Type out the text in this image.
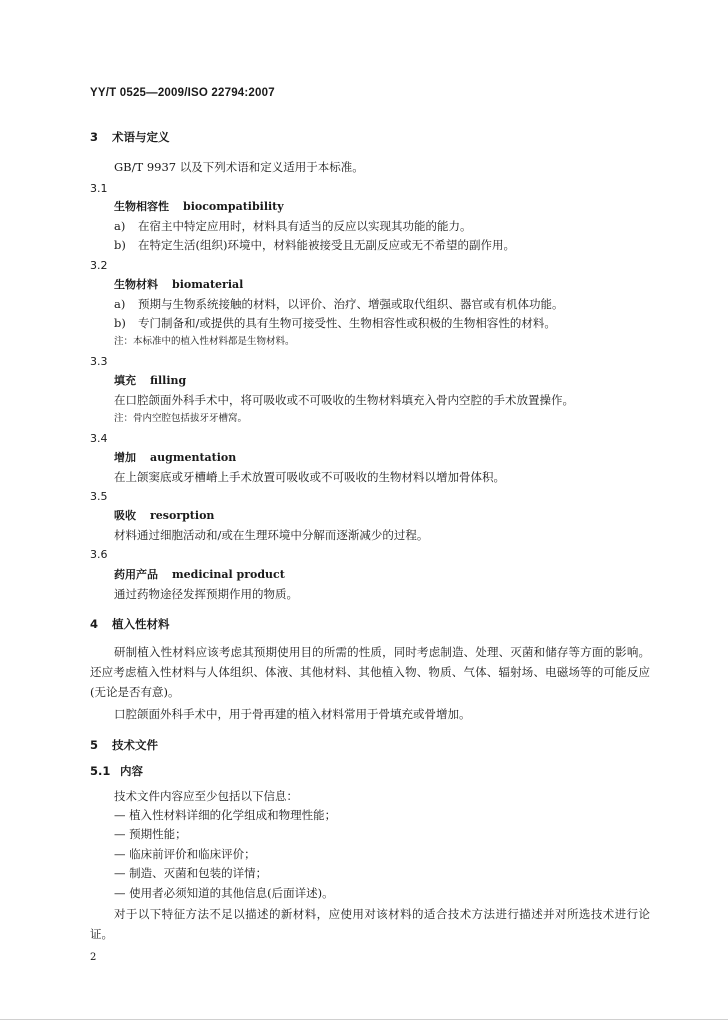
YY/T 0525—2009/ISO 22794:2007
3 术语与定义
GB/T 9937 以及下列术语和定义适用于本标准。
3.1
生物相容性 biocompatibility
a) 在宿主中特定应用时，材料具有适当的反应以实现其功能的能力。
b) 在特定生活(组织)环境中，材料能被接受且无副反应或无不希望的副作用。
3.2
生物材料 biomaterial
a) 预期与生物系统接触的材料，以评价、治疗、增强或取代组织、器官或有机体功能。
b) 专门制备和/或提供的具有生物可接受性、生物相容性或积极的生物相容性的材料。
注：本标准中的植入性材料都是生物材料。
3.3
填充 filling
在口腔颌面外科手术中，将可吸收或不可吸收的生物材料填充入骨内空腔的手术放置操作。
注：骨内空腔包括拔牙牙槽窝。
3.4
增加 augmentation
在上颌窦底或牙槽嵴上手术放置可吸收或不可吸收的生物材料以增加骨体积。
3.5
吸收 resorption
材料通过细胞活动和/或在生理环境中分解而逐渐减少的过程。
3.6
药用产品 medicinal product
通过药物途径发挥预期作用的物质。
4 植入性材料
研制植入性材料应该考虑其预期使用目的所需的性质，同时考虑制造、处理、灭菌和储存等方面的影响。还应考虑植入性材料与人体组织、体液、其他材料、其他植入物、物质、气体、辐射场、电磁场等的可能反应(无论是否有意)。
口腔颌面外科手术中，用于骨再建的植入材料常用于骨填充或骨增加。
5 技术文件
5.1 内容
技术文件内容应至少包括以下信息：
— 植入性材料详细的化学组成和物理性能；
— 预期性能；
— 临床前评价和临床评价；
— 制造、灭菌和包装的详情；
— 使用者必须知道的其他信息(后面详述)。
对于以下特征方法不足以描述的新材料，应使用对该材料的适合技术方法进行描述并对所选技术进行论证。
2
